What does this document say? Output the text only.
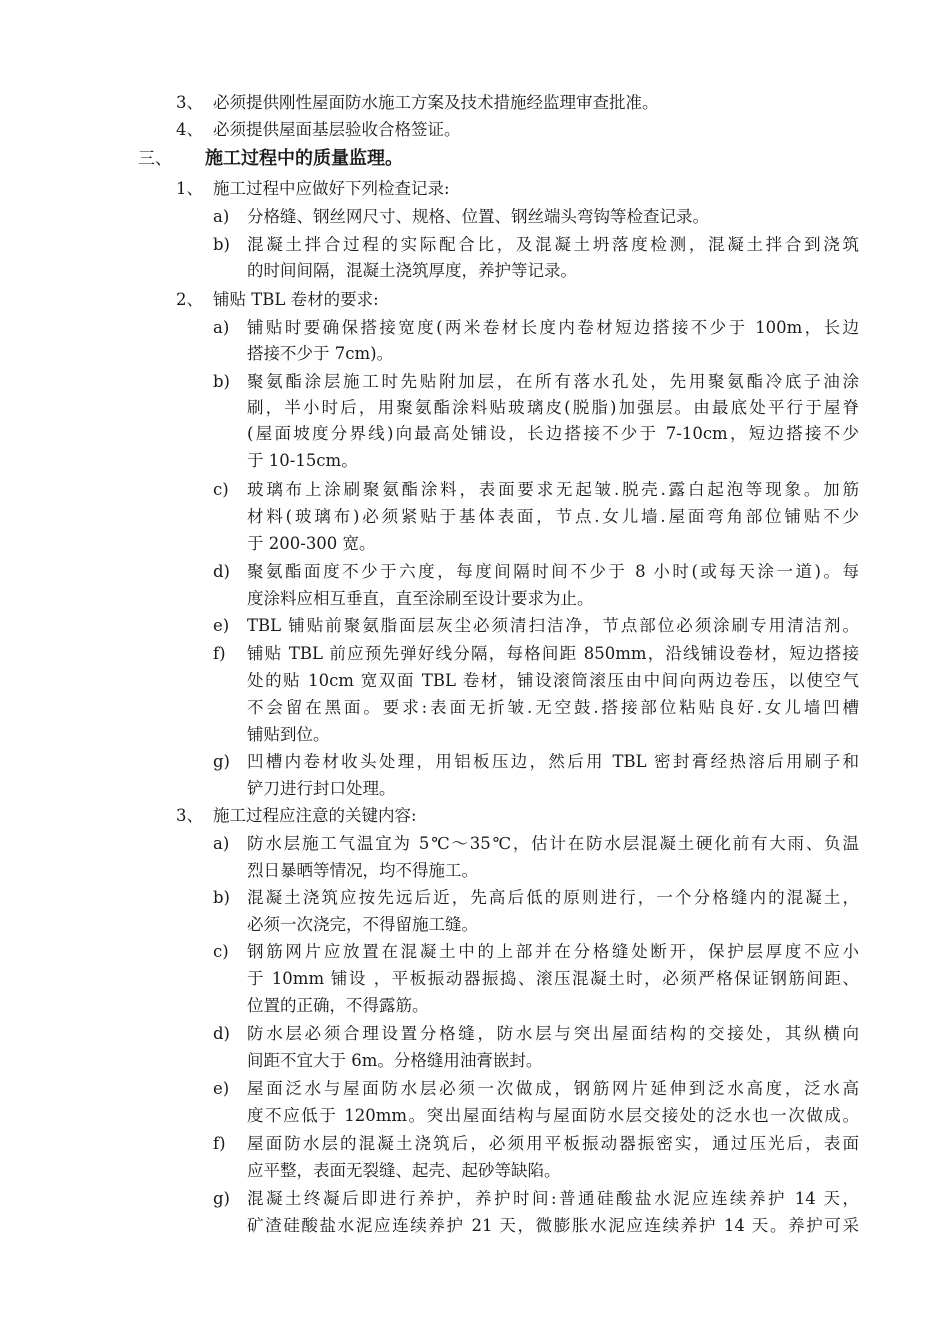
3、 必须提供刚性屋面防水施工方案及技术措施经监理审查批准。
4、 必须提供屋面基层验收合格签证。
三、 施工过程中的质量监理。
1、 施工过程中应做好下列检查记录:
a) 分格缝、钢丝网尺寸、规格、位置、钢丝端头弯钩等检查记录。
b) 混凝土拌合过程的实际配合比，及混凝土坍落度检测，混凝土拌合到浇筑
的时间间隔，混凝土浇筑厚度，养护等记录。
2、 铺贴 TBL 卷材的要求:
a) 铺贴时要确保搭接宽度(两米卷材长度内卷材短边搭接不少于 100m，长边
搭接不少于 7cm)。
b) 聚氨酯涂层施工时先贴附加层，在所有落水孔处，先用聚氨酯冷底子油涂
刷，半小时后，用聚氨酯涂料贴玻璃皮(脱脂)加强层。由最底处平行于屋脊
(屋面坡度分界线)向最高处铺设，长边搭接不少于 7-10cm，短边搭接不少
于 10-15cm。
c) 玻璃布上涂刷聚氨酯涂料，表面要求无起皱.脱壳.露白起泡等现象。加筋
材料(玻璃布)必须紧贴于基体表面，节点.女儿墙.屋面弯角部位铺贴不少
于 200-300 宽。
d) 聚氨酯面度不少于六度，每度间隔时间不少于 8 小时(或每天涂一道)。每
度涂料应相互垂直，直至涂刷至设计要求为止。
e) TBL 铺贴前聚氨脂面层灰尘必须清扫洁净，节点部位必须涂刷专用清洁剂。
f) 铺贴 TBL 前应预先弹好线分隔，每格间距 850mm，沿线铺设卷材，短边搭接
处的贴 10cm 宽双面 TBL 卷材，铺设滚筒滚压由中间向两边卷压，以使空气
不会留在黑面。要求:表面无折皱.无空鼓.搭接部位粘贴良好.女儿墙凹槽
铺贴到位。
g) 凹槽内卷材收头处理，用铝板压边，然后用 TBL 密封膏经热溶后用刷子和
铲刀进行封口处理。
3、 施工过程应注意的关键内容:
a) 防水层施工气温宜为 5℃～35℃，估计在防水层混凝土硬化前有大雨、负温
烈日暴晒等情况，均不得施工。
b) 混凝土浇筑应按先远后近，先高后低的原则进行，一个分格缝内的混凝土，
必须一次浇完，不得留施工缝。
c) 钢筋网片应放置在混凝土中的上部并在分格缝处断开，保护层厚度不应小
于 10mm 铺设 ，平板振动器振捣、滚压混凝土时，必须严格保证钢筋间距、
位置的正确，不得露筋。
d) 防水层必须合理设置分格缝，防水层与突出屋面结构的交接处，其纵横向
间距不宜大于 6m。分格缝用油膏嵌封。
e) 屋面泛水与屋面防水层必须一次做成，钢筋网片延伸到泛水高度，泛水高
度不应低于 120mm。突出屋面结构与屋面防水层交接处的泛水也一次做成。
f) 屋面防水层的混凝土浇筑后，必须用平板振动器振密实，通过压光后，表面
应平整，表面无裂缝、起壳、起砂等缺陷。
g) 混凝土终凝后即进行养护，养护时间:普通硅酸盐水泥应连续养护 14 天，
矿渣硅酸盐水泥应连续养护 21 天，微膨胀水泥应连续养护 14 天。养护可采
